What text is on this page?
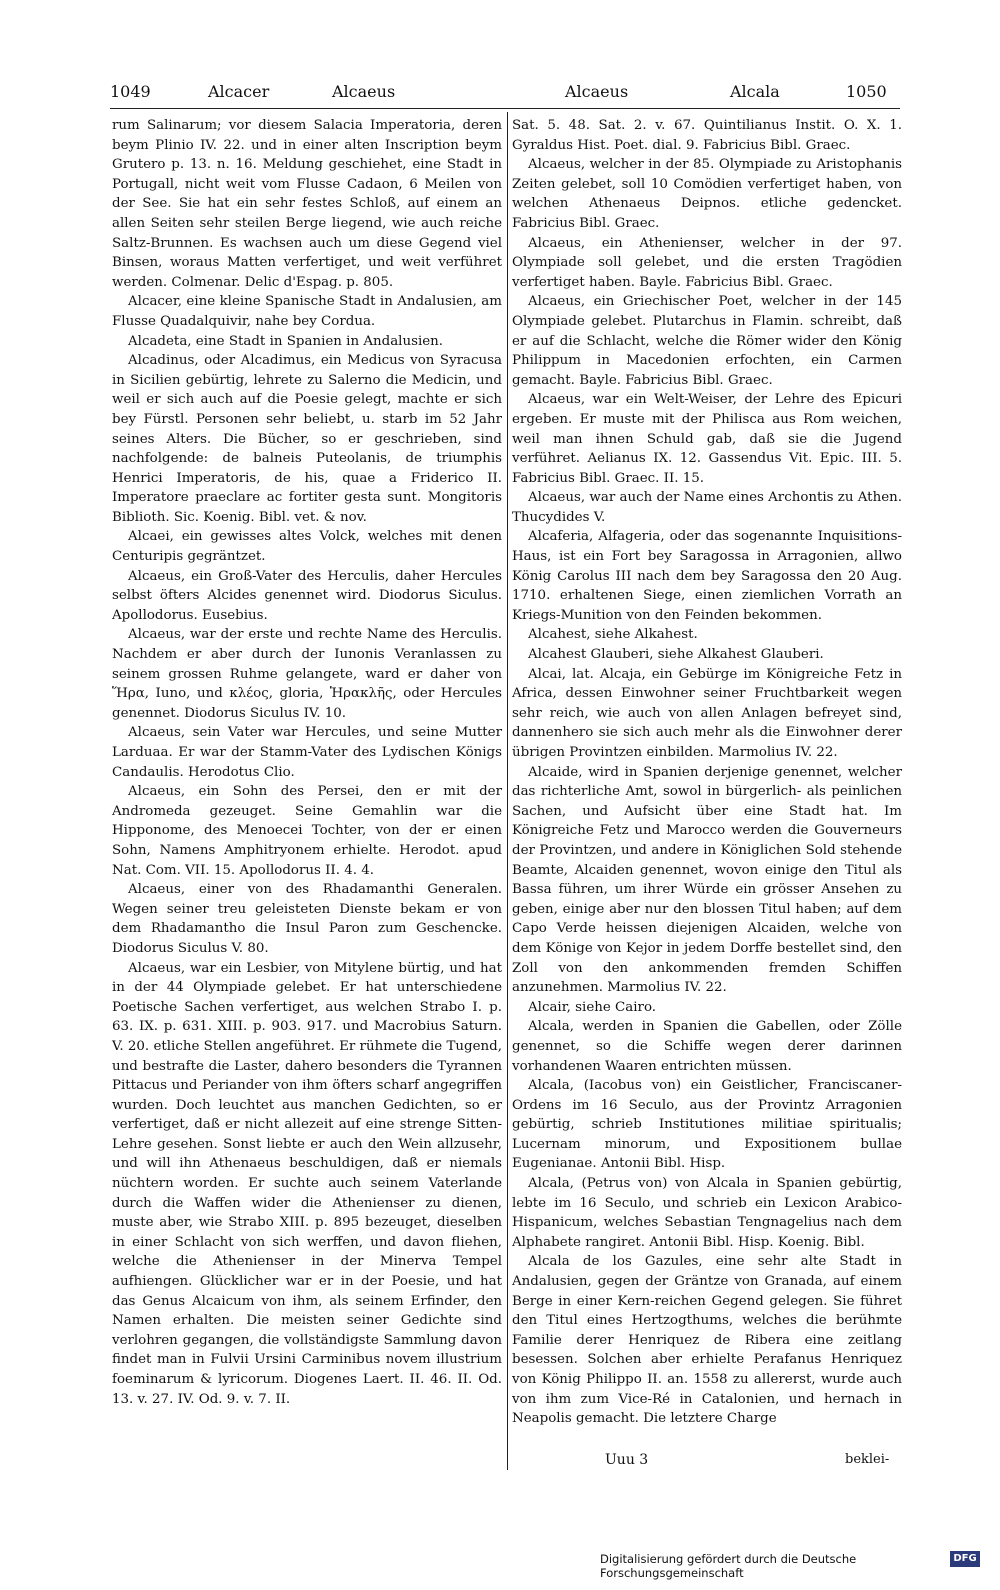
1049	Alcacer	Alcaeus	Alcaeus	Alcala	1050

rum Salinarum; vor diesem Salacia Imperatoria, deren beym Plinio IV. 22. und in einer alten Inscription beym Grutero p. 13. n. 16. Meldung geschiehet, eine Stadt in Portugall, nicht weit vom Flusse Cadaon, 6 Meilen von der See. Sie hat ein sehr festes Schloß, auf einem an allen Seiten sehr steilen Berge liegend, wie auch reiche Saltz-Brunnen. Es wachsen auch um diese Gegend viel Binsen, woraus Matten verfertiget, und weit verführet werden. Colmenar. Delic d'Espag. p. 805.

Alcacer, eine kleine Spanische Stadt in Andalusien, am Flusse Quadalquivir, nahe bey Cordua.

Alcadeta, eine Stadt in Spanien in Andalusien.

Alcadinus, oder Alcadimus, ein Medicus von Syracusa in Sicilien gebürtig, lehrete zu Salerno die Medicin, und weil er sich auch auf die Poesie gelegt, machte er sich bey Fürstl. Personen sehr beliebt, u. starb im 52 Jahr seines Alters. Die Bücher, so er geschrieben, sind nachfolgende: de balneis Puteolanis, de triumphis Henrici Imperatoris, de his, quae a Friderico II. Imperatore praeclare ac fortiter gesta sunt. Mongitoris Biblioth. Sic. Koenig. Bibl. vet. & nov.

Alcaei, ein gewisses altes Volck, welches mit denen Centuripis gegräntzet.

Alcaeus, ein Groß-Vater des Herculis, daher Hercules selbst öfters Alcides genennet wird. Diodorus Siculus. Apollodorus. Eusebius.

Alcaeus, war der erste und rechte Name des Herculis. Nachdem er aber durch der Iunonis Veranlassen zu seinem grossen Ruhme gelangete, ward er daher von Ἥρα, Iuno, und κλέος, gloria, Ἡρακλῆς, oder Hercules genennet. Diodorus Siculus IV. 10.

Alcaeus, sein Vater war Hercules, und seine Mutter Larduaa. Er war der Stamm-Vater des Lydischen Königs Candaulis. Herodotus Clio.

Alcaeus, ein Sohn des Persei, den er mit der Andromeda gezeuget. Seine Gemahlin war die Hipponome, des Menoecei Tochter, von der er einen Sohn, Namens Amphitryonem erhielte. Herodot. apud Nat. Com. VII. 15. Apollodorus II. 4. 4.

Alcaeus, einer von des Rhadamanthi Generalen. Wegen seiner treu geleisteten Dienste bekam er von dem Rhadamantho die Insul Paron zum Geschencke. Diodorus Siculus V. 80.

Alcaeus, war ein Lesbier, von Mitylene bürtig, und hat in der 44 Olympiade gelebet. Er hat unterschiedene Poetische Sachen verfertiget, aus welchen Strabo I. p. 63. IX. p. 631. XIII. p. 903. 917. und Macrobius Saturn. V. 20. etliche Stellen angeführet. Er rühmete die Tugend, und bestrafte die Laster, dahero besonders die Tyrannen Pittacus und Periander von ihm öfters scharf angegriffen wurden. Doch leuchtet aus manchen Gedichten, so er verfertiget, daß er nicht allezeit auf eine strenge Sitten-Lehre gesehen. Sonst liebte er auch den Wein allzusehr, und will ihn Athenaeus beschuldigen, daß er niemals nüchtern worden. Er suchte auch seinem Vaterlande durch die Waffen wider die Athenienser zu dienen, muste aber, wie Strabo XIII. p. 895 bezeuget, dieselben in einer Schlacht von sich werffen, und davon fliehen, welche die Athenienser in der Minerva Tempel aufhiengen. Glücklicher war er in der Poesie, und hat das Genus Alcaicum von ihm, als seinem Erfinder, den Namen erhalten. Die meisten seiner Gedichte sind verlohren gegangen, die vollständigste Sammlung davon findet man in Fulvii Ursini Carminibus novem illustrium foeminarum & lyricorum. Diogenes Laert. II. 46. II. Od. 13. v. 27. IV. Od. 9. v. 7. II.

Sat. 5. 48. Sat. 2. v. 67. Quintilianus Instit. O. X. 1. Gyraldus Hist. Poet. dial. 9. Fabricius Bibl. Graec.

Alcaeus, welcher in der 85. Olympiade zu Aristophanis Zeiten gelebet, soll 10 Comödien verfertiget haben, von welchen Athenaeus Deipnos. etliche gedencket. Fabricius Bibl. Graec.

Alcaeus, ein Athenienser, welcher in der 97. Olympiade soll gelebet, und die ersten Tragödien verfertiget haben. Bayle. Fabricius Bibl. Graec.

Alcaeus, ein Griechischer Poet, welcher in der 145 Olympiade gelebet. Plutarchus in Flamin. schreibt, daß er auf die Schlacht, welche die Römer wider den König Philippum in Macedonien erfochten, ein Carmen gemacht. Bayle. Fabricius Bibl. Graec.

Alcaeus, war ein Welt-Weiser, der Lehre des Epicuri ergeben. Er muste mit der Philisca aus Rom weichen, weil man ihnen Schuld gab, daß sie die Jugend verführet. Aelianus IX. 12. Gassendus Vit. Epic. III. 5. Fabricius Bibl. Graec. II. 15.

Alcaeus, war auch der Name eines Archontis zu Athen. Thucydides V.

Alcaferia, Alfageria, oder das sogenannte Inquisitions-Haus, ist ein Fort bey Saragossa in Arragonien, allwo König Carolus III nach dem bey Saragossa den 20 Aug. 1710. erhaltenen Siege, einen ziemlichen Vorrath an Kriegs-Munition von den Feinden bekommen.

Alcahest, siehe Alkahest.

Alcahest Glauberi, siehe Alkahest Glauberi.

Alcai, lat. Alcaja, ein Gebürge im Königreiche Fetz in Africa, dessen Einwohner seiner Fruchtbarkeit wegen sehr reich, wie auch von allen Anlagen befreyet sind, dannenhero sie sich auch mehr als die Einwohner derer übrigen Provintzen einbilden. Marmolius IV. 22.

Alcaide, wird in Spanien derjenige genennet, welcher das richterliche Amt, sowol in bürgerlich- als peinlichen Sachen, und Aufsicht über eine Stadt hat. Im Königreiche Fetz und Marocco werden die Gouverneurs der Provintzen, und andere in Königlichen Sold stehende Beamte, Alcaiden genennet, wovon einige den Titul als Bassa führen, um ihrer Würde ein grösser Ansehen zu geben, einige aber nur den blossen Titul haben; auf dem Capo Verde heissen diejenigen Alcaiden, welche von dem Könige von Kejor in jedem Dorffe bestellet sind, den Zoll von den ankommenden fremden Schiffen anzunehmen. Marmolius IV. 22.

Alcair, siehe Cairo.

Alcala, werden in Spanien die Gabellen, oder Zölle genennet, so die Schiffe wegen derer darinnen vorhandenen Waaren entrichten müssen.

Alcala, (Iacobus von) ein Geistlicher, Franciscaner-Ordens im 16 Seculo, aus der Provintz Arragonien gebürtig, schrieb Institutiones militiae spiritualis; Lucernam minorum, und Expositionem bullae Eugenianae. Antonii Bibl. Hisp.

Alcala, (Petrus von) von Alcala in Spanien gebürtig, lebte im 16 Seculo, und schrieb ein Lexicon Arabico-Hispanicum, welches Sebastian Tengnagelius nach dem Alphabete rangiret. Antonii Bibl. Hisp. Koenig. Bibl.

Alcala de los Gazules, eine sehr alte Stadt in Andalusien, gegen der Gräntze von Granada, auf einem Berge in einer Kern-reichen Gegend gelegen. Sie führet den Titul eines Hertzogthums, welches die berühmte Familie derer Henriquez de Ribera eine zeitlang besessen. Solchen aber erhielte Perafanus Henriquez von König Philippo II. an. 1558 zu allererst, wurde auch von ihm zum Vice-Ré in Catalonien, und hernach in Neapolis gemacht. Die letztere Charge

Uuu 3	beklei-
Digitalisierung gefördert durch die Deutsche Forschungsgemeinschaft
DFG
